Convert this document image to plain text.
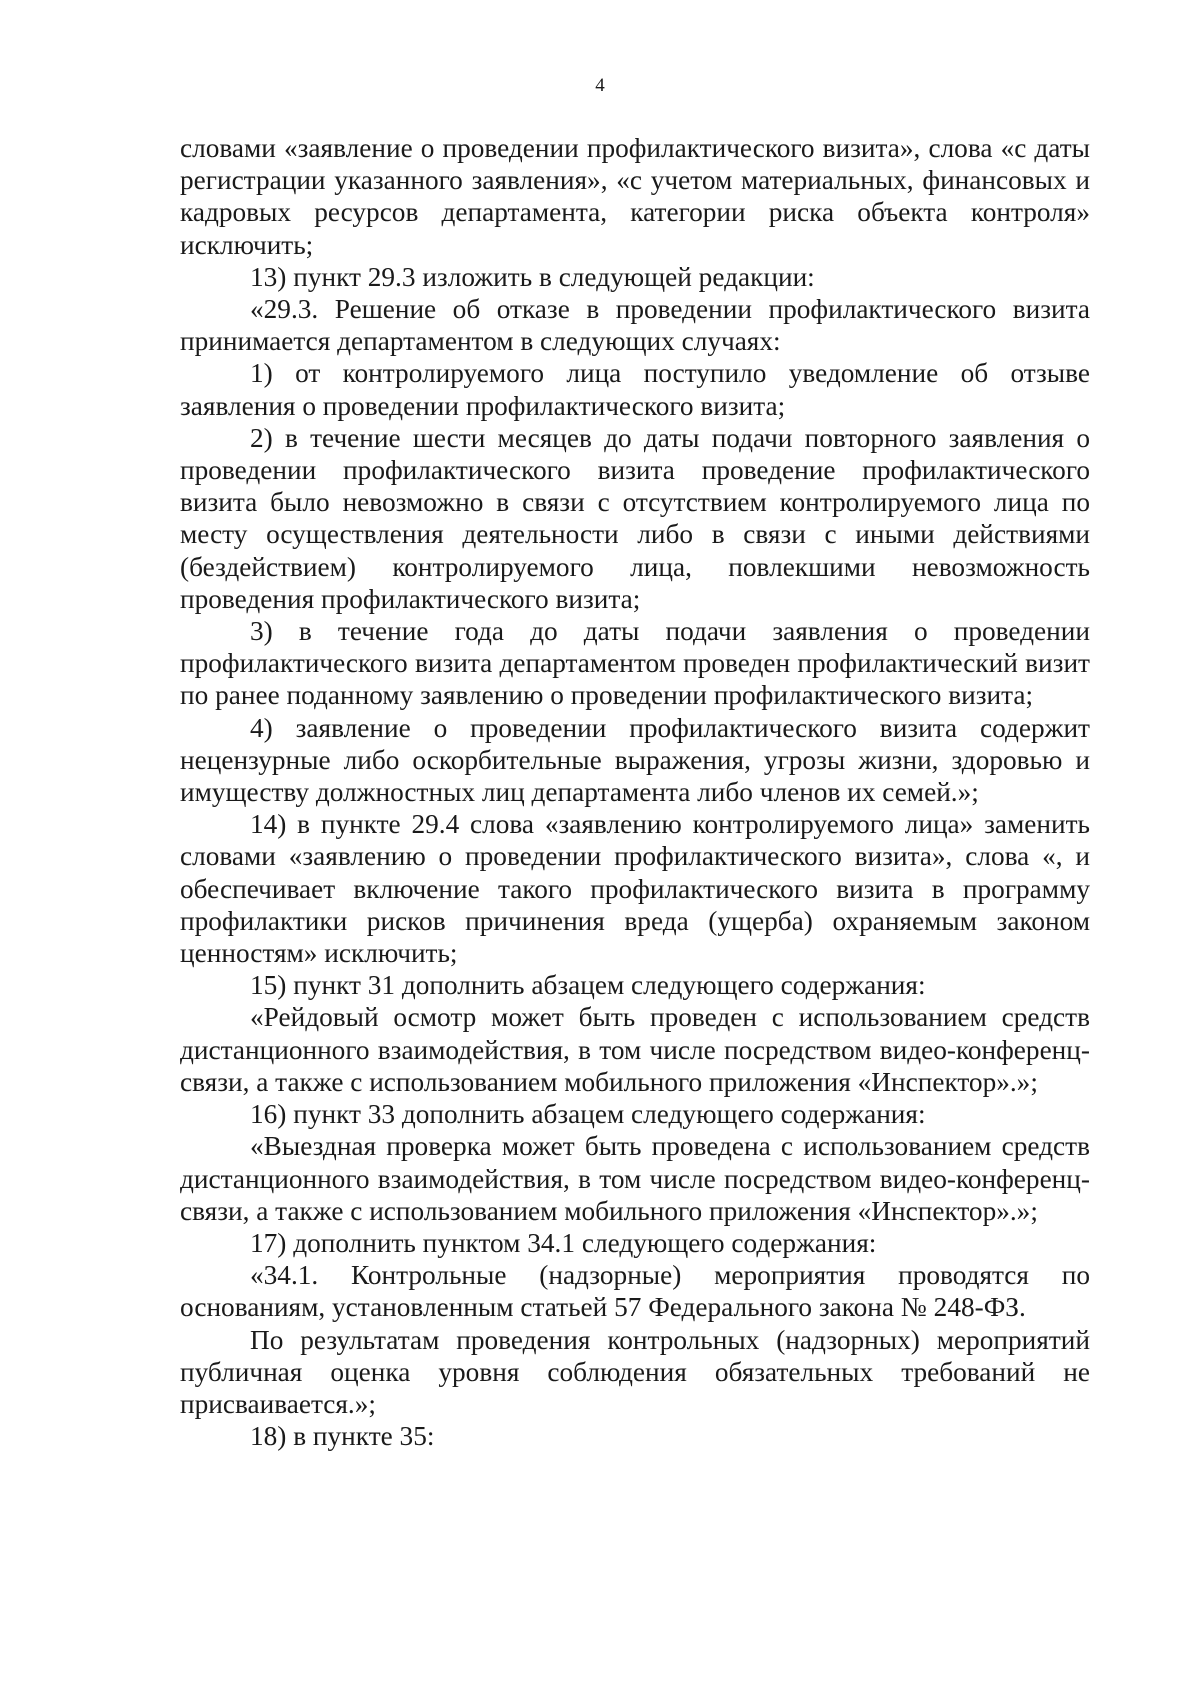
4

словами «заявление о проведении профилактического визита», слова «с даты регистрации указанного заявления», «с учетом материальных, финансовых и кадровых ресурсов департамента, категории риска объекта контроля» исключить;

13) пункт 29.3 изложить в следующей редакции:

«29.3. Решение об отказе в проведении профилактического визита принимается департаментом в следующих случаях:

1) от контролируемого лица поступило уведомление об отзыве заявления о проведении профилактического визита;

2) в течение шести месяцев до даты подачи повторного заявления о проведении профилактического визита проведение профилактического визита было невозможно в связи с отсутствием контролируемого лица по месту осуществления деятельности либо в связи с иными действиями (бездействием) контролируемого лица, повлекшими невозможность проведения профилактического визита;

3) в течение года до даты подачи заявления о проведении профилактического визита департаментом проведен профилактический визит по ранее поданному заявлению о проведении профилактического визита;

4) заявление о проведении профилактического визита содержит нецензурные либо оскорбительные выражения, угрозы жизни, здоровью и имуществу должностных лиц департамента либо членов их семей.»;

14) в пункте 29.4 слова «заявлению контролируемого лица» заменить словами «заявлению о проведении профилактического визита», слова «, и обеспечивает включение такого профилактического визита в программу профилактики рисков причинения вреда (ущерба) охраняемым законом ценностям» исключить;

15) пункт 31 дополнить абзацем следующего содержания:

«Рейдовый осмотр может быть проведен с использованием средств дистанционного взаимодействия, в том числе посредством видео-конференц-связи, а также с использованием мобильного приложения «Инспектор».»;

16) пункт 33 дополнить абзацем следующего содержания:

«Выездная проверка может быть проведена с использованием средств дистанционного взаимодействия, в том числе посредством видео-конференц-связи, а также с использованием мобильного приложения «Инспектор».»;

17) дополнить пунктом 34.1 следующего содержания:

«34.1. Контрольные (надзорные) мероприятия проводятся по основаниям, установленным статьей 57 Федерального закона № 248-ФЗ.

По результатам проведения контрольных (надзорных) мероприятий публичная оценка уровня соблюдения обязательных требований не присваивается.»;

18) в пункте 35:
